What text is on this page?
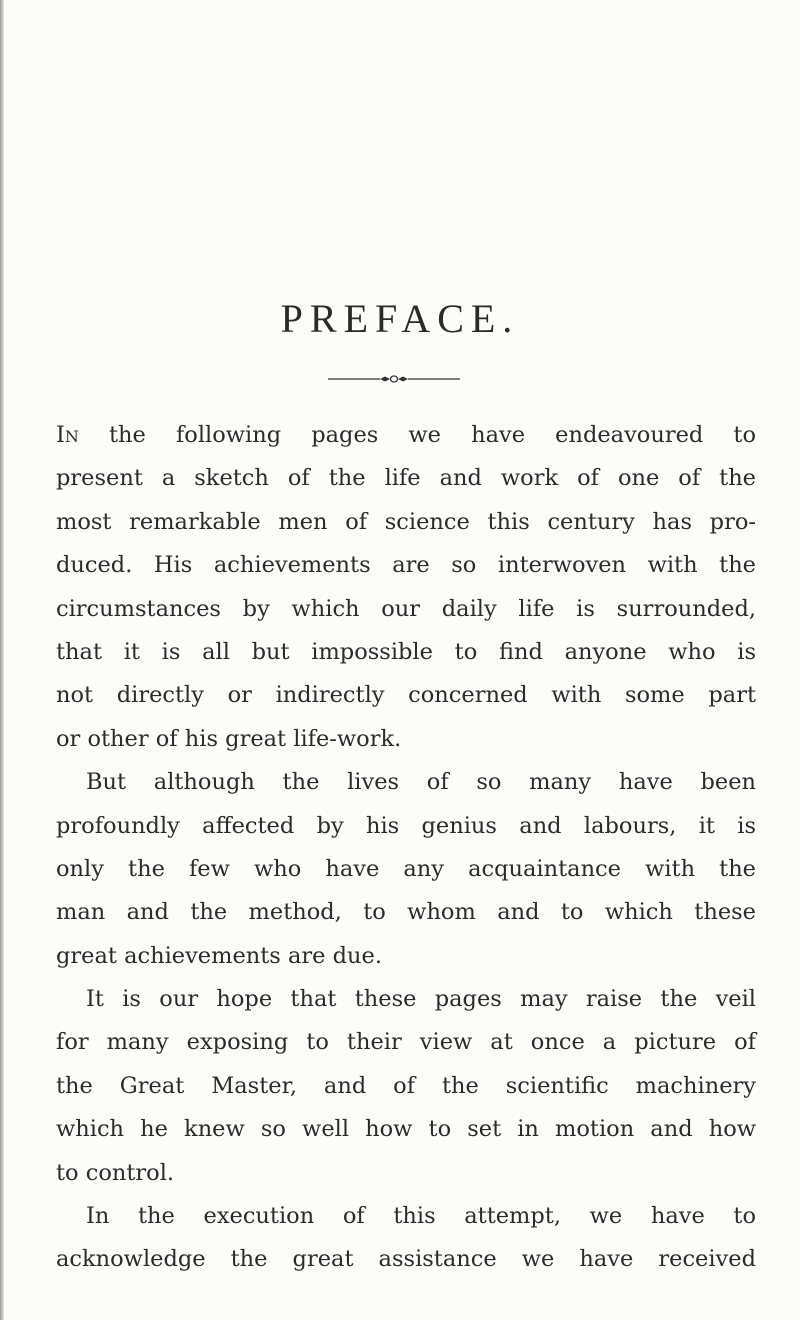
PREFACE.
In the following pages we have endeavoured to
present a sketch of the life and work of one of the
most remarkable men of science this century has pro-
duced. His achievements are so interwoven with the
circumstances by which our daily life is surrounded,
that it is all but impossible to find anyone who is
not directly or indirectly concerned with some part
or other of his great life-work.
But although the lives of so many have been
profoundly affected by his genius and labours, it is
only the few who have any acquaintance with the
man and the method, to whom and to which these
great achievements are due.
It is our hope that these pages may raise the veil
for many exposing to their view at once a picture of
the Great Master, and of the scientific machinery
which he knew so well how to set in motion and how
to control.
In the execution of this attempt, we have to
acknowledge the great assistance we have received
